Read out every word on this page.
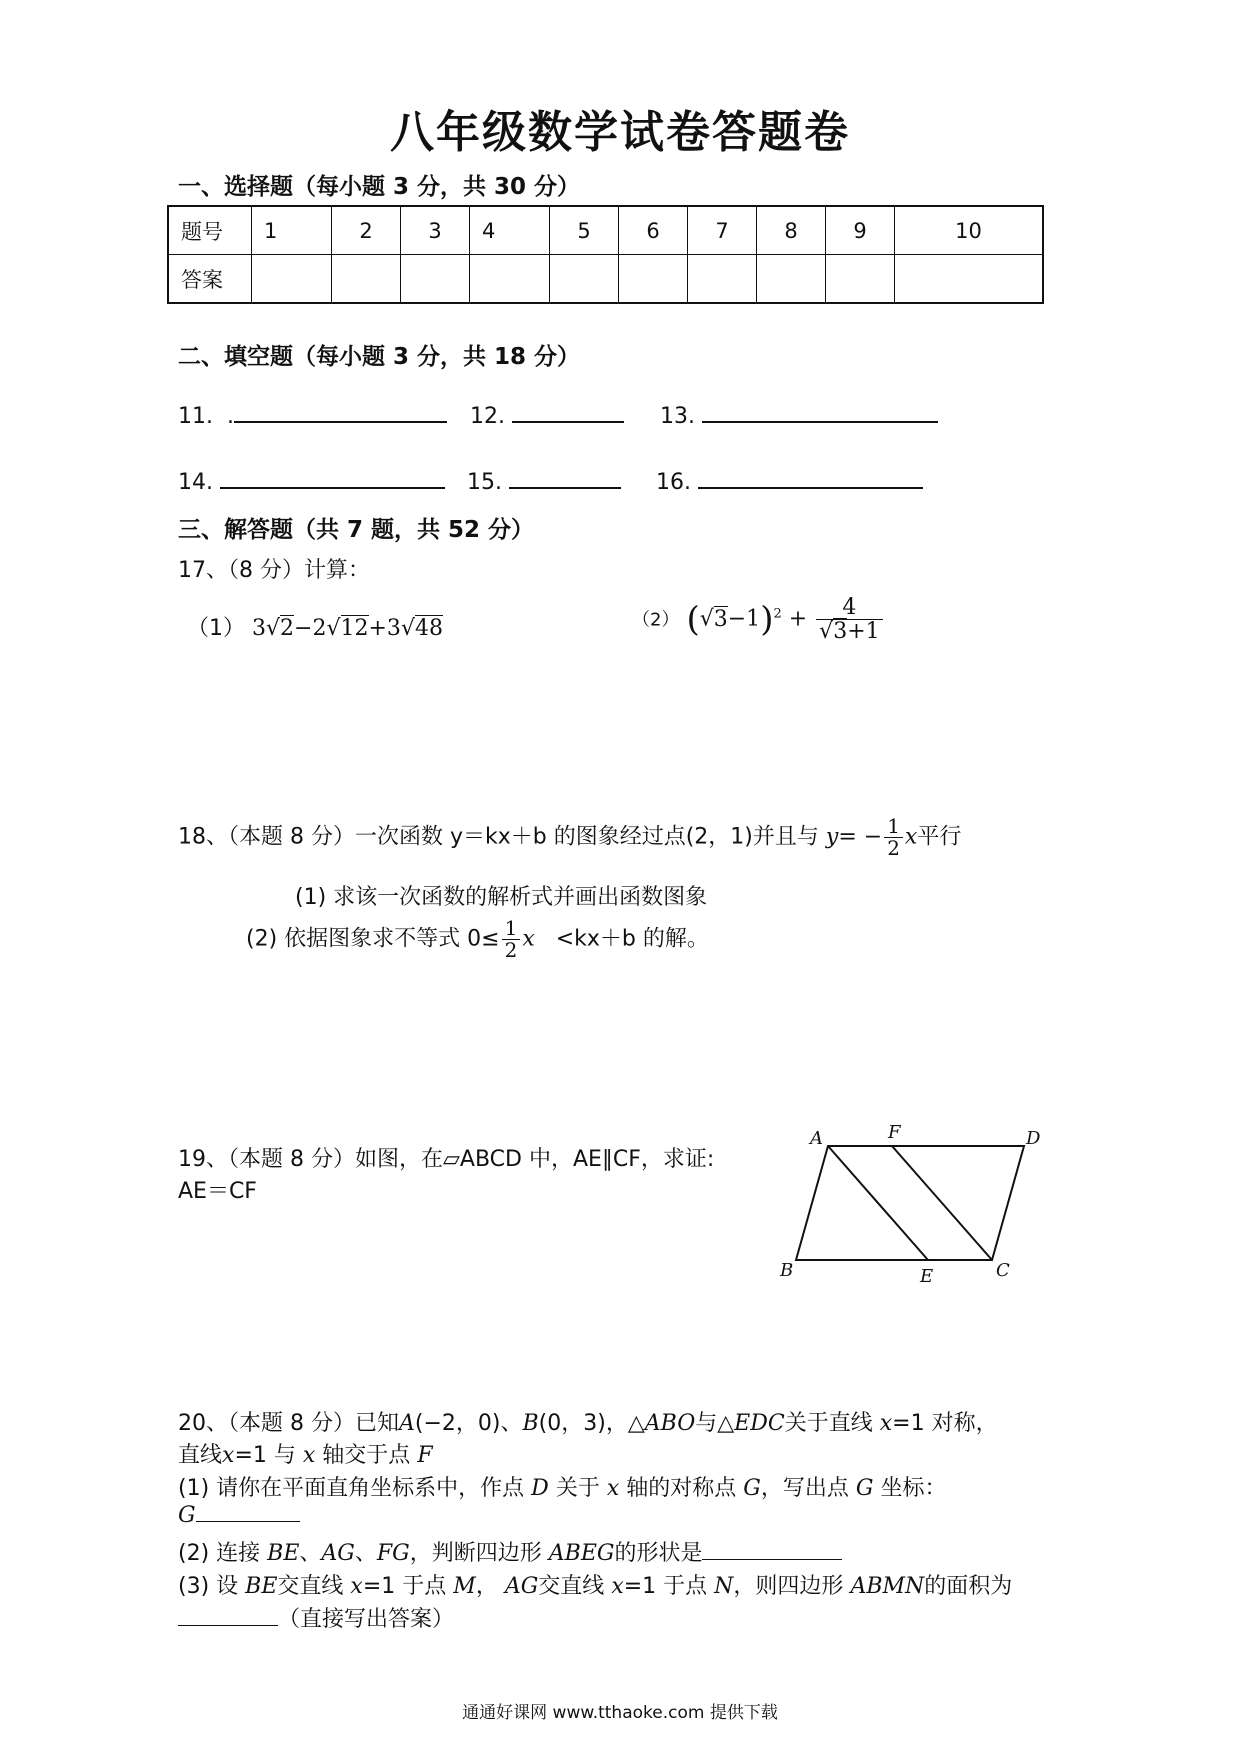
八年级数学试卷答题卷
一、选择题（每小题 3 分，共 30 分）
题号	1	2	3	4	5	6	7	8	9	10
答案										
二、填空题（每小题 3 分，共 18 分）
11. .	12.	13.
14.	15.	16.
三、解答题（共 7 题，共 52 分）
17、（8 分）计算：
（1） 3√2−2√12+3√48	（2） $(√3-1)^2 + \frac{4}{√3+1}$
18、（本题 8 分）一次函数 y＝kx＋b 的图象经过点(2，1)并且与 $y= - \frac{1}{2}$ x平行
(1) 求该一次函数的解析式并画出函数图象
(2) 依据图象求不等式 $0\le \frac{1}{2}$ x <kx＋b 的解。
19、（本题 8 分）如图，在▱ABCD 中，AE∥CF，求证:
AE＝CF
A	F	D
B	E	C
20、（本题 8 分）已知A(−2，0)、B(0，3)，△ABO与△EDC关于直线 x=1 对称，
直线x=1 与 x 轴交于点 F
(1) 请你在平面直角坐标系中，作点 D 关于 x 轴的对称点 G，写出点 G 坐标：
G
(2) 连接 BE、AG、FG，判断四边形 ABEG的形状是
(3) 设 BE交直线 x=1 于点 M， AG交直线 x=1 于点 N，则四边形 ABMN的面积为
（直接写出答案）
通通好课网 www.tthaoke.com 提供下载
